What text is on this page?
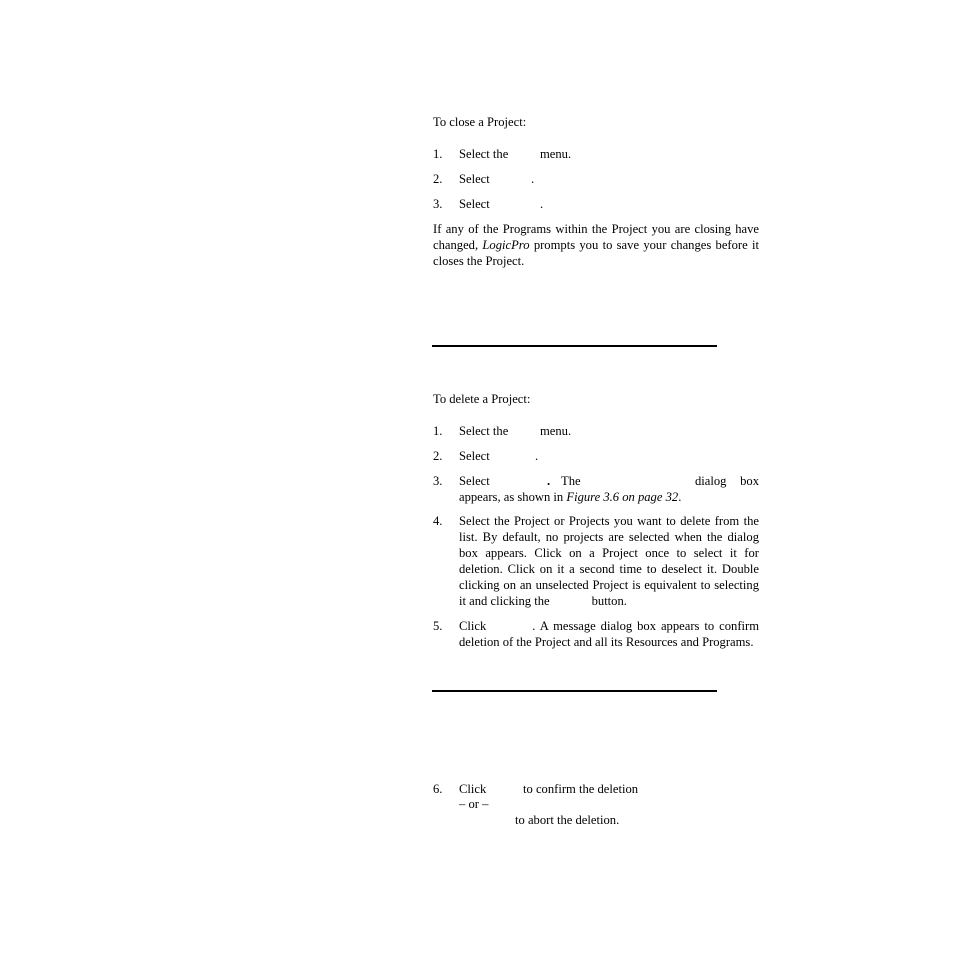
To close a Project:
1. Select the	menu.
2. Select	.
3. Select	.
If any of the Programs within the Project you are closing have changed, LogicPro prompts you to save your changes before it closes the Project.
To delete a Project:
1. Select the	menu.
2. Select	.
3. Select	. The	dialog box
appears, as shown in Figure 3.6 on page 32.
4. Select the Project or Projects you want to delete from the list. By default, no projects are selected when the dialog box appears. Click on a Project once to select it for deletion. Click on it a second time to deselect it. Double clicking on an unselected Project is equivalent to selecting it and clicking the	button.
5. Click	. A message dialog box appears to confirm deletion of the Project and all its Resources and Programs.
6. Click	to confirm the deletion
– or –
to abort the deletion.
